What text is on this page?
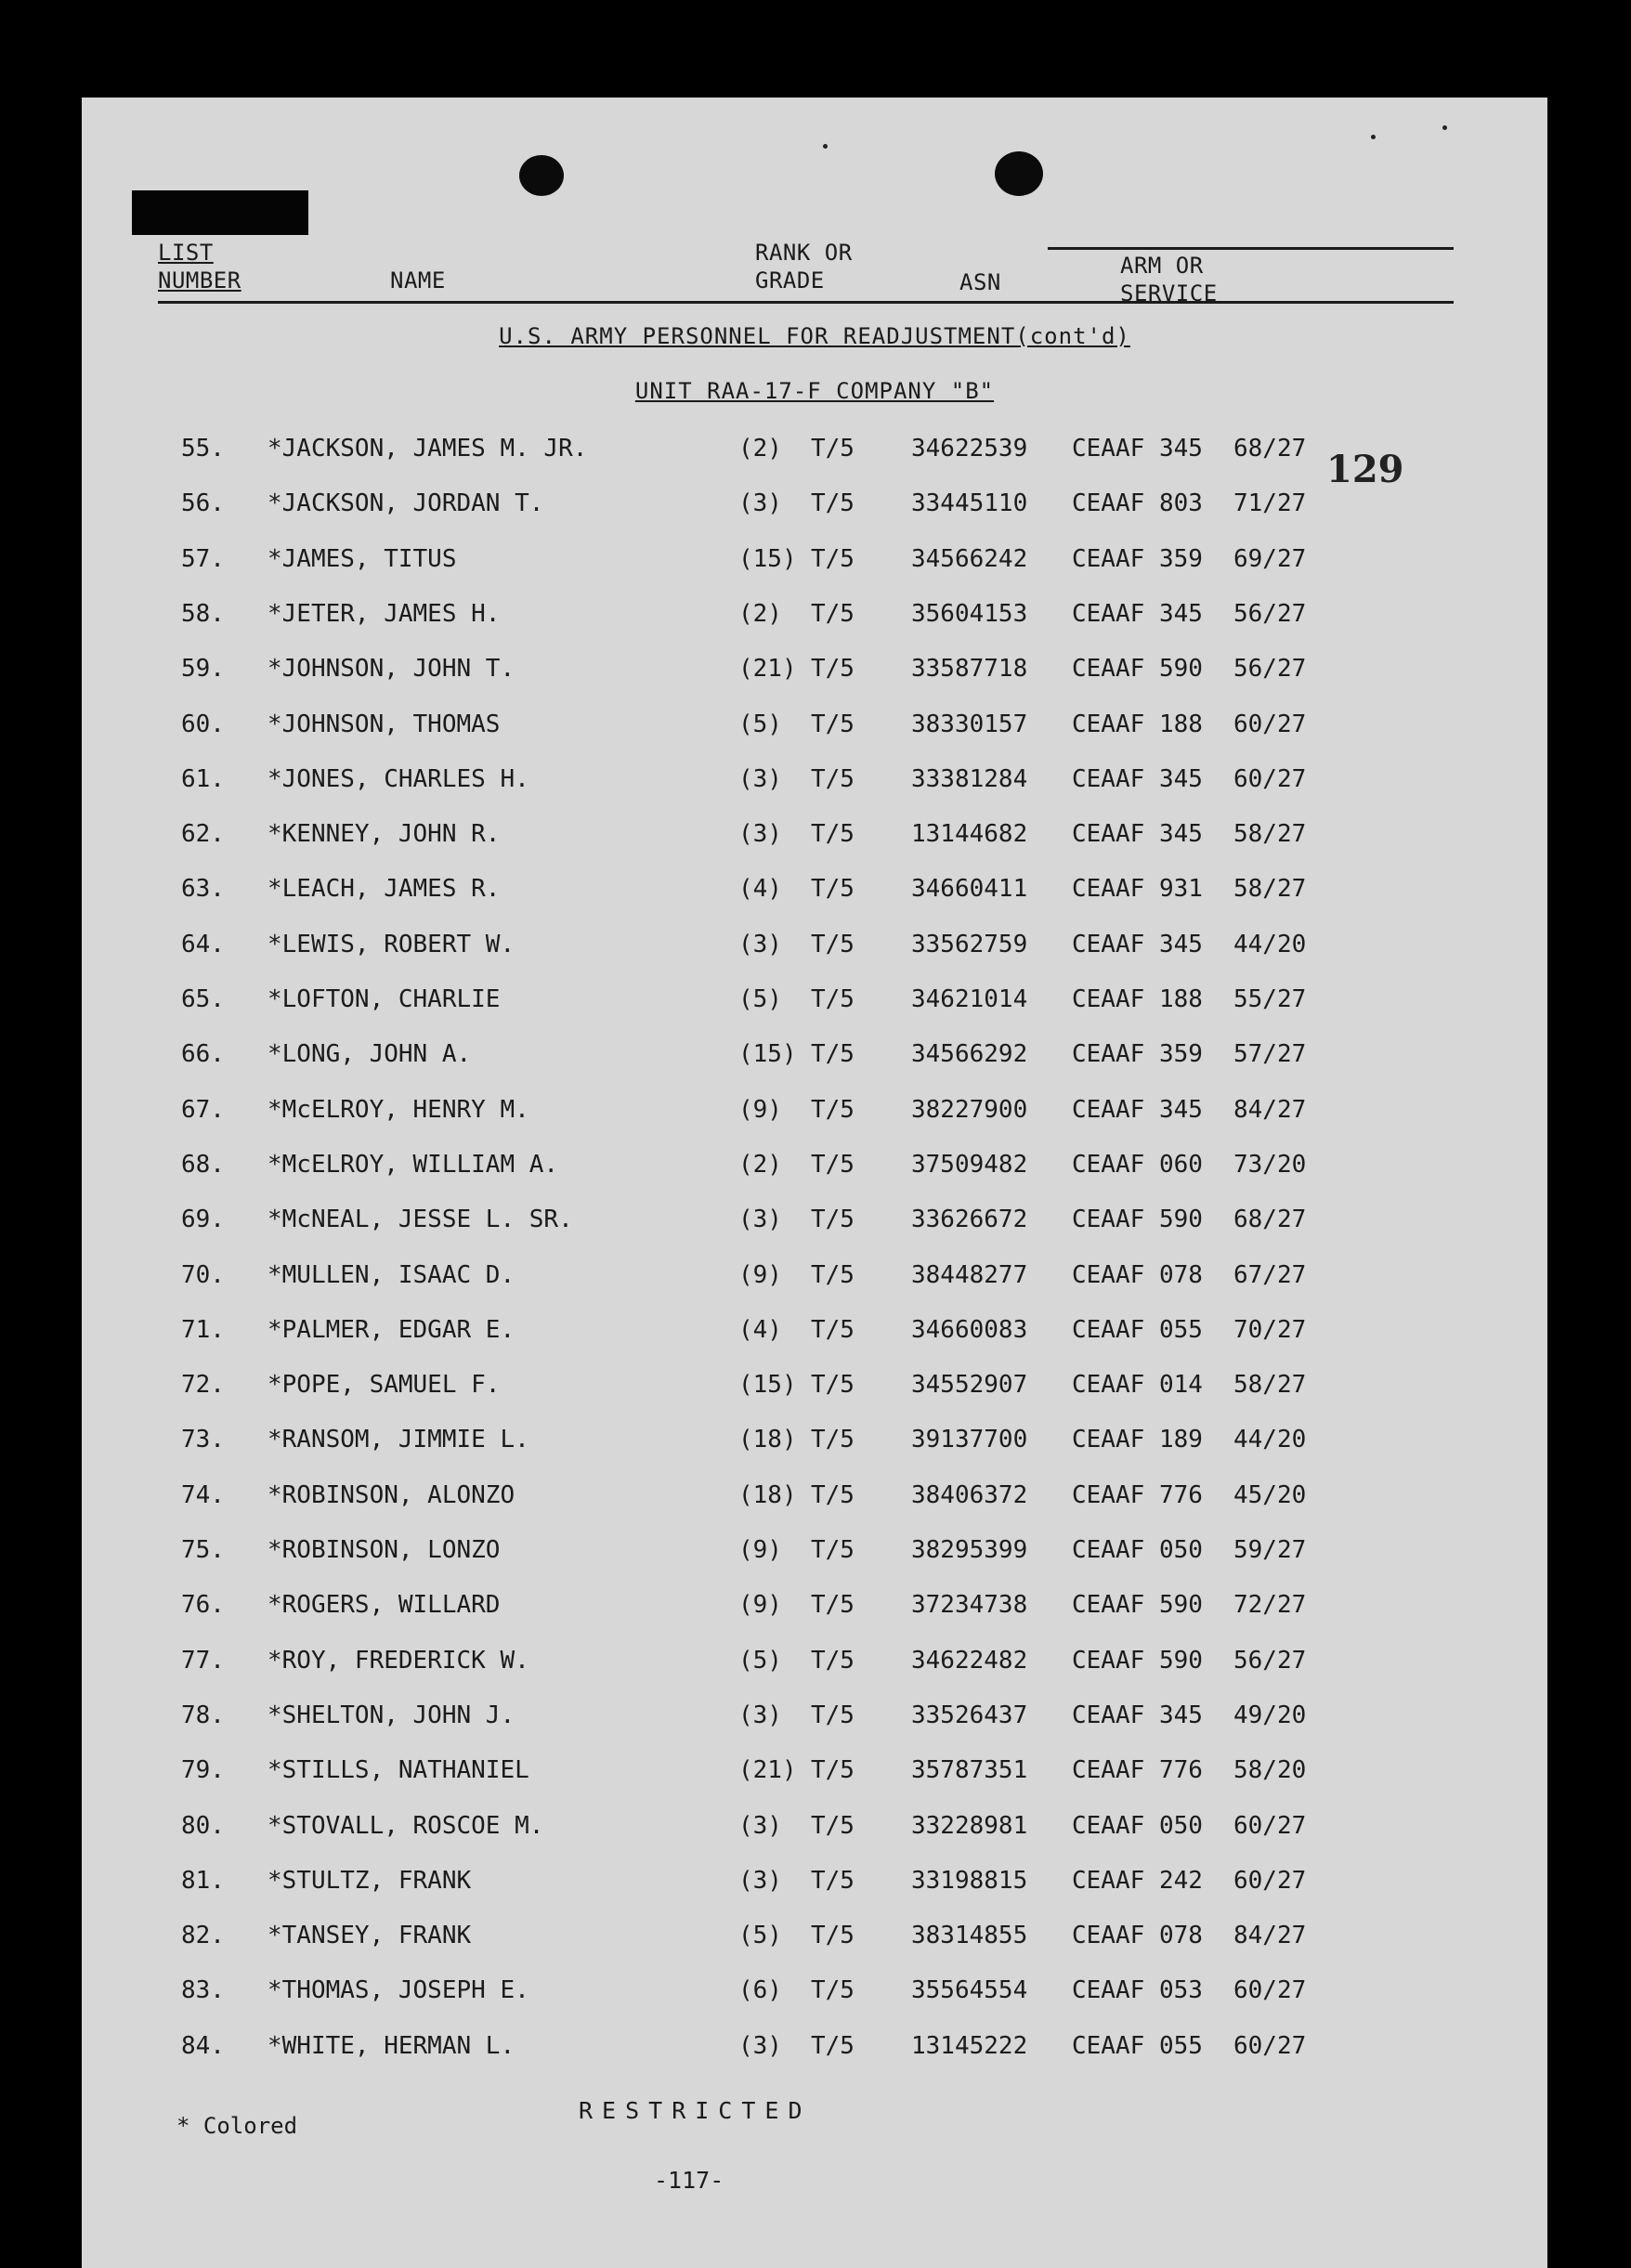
LIST
NUMBER	NAME
RANK OR
GRADE	ASN
ARM OR
SERVICE
U.S. ARMY PERSONNEL FOR READJUSTMENT(cont'd)
UNIT RAA-17-F COMPANY "B"
129
55. *JACKSON, JAMES M. JR.	(2) T/5 34622539 CEAAF 345 68/27
56. *JACKSON, JORDAN T.	(3) T/5 33445110 CEAAF 803 71/27
57. *JAMES, TITUS	(15) T/5 34566242 CEAAF 359 69/27
58. *JETER, JAMES H.	(2) T/5 35604153 CEAAF 345 56/27
59. *JOHNSON, JOHN T.	(21) T/5 33587718 CEAAF 590 56/27
60. *JOHNSON, THOMAS	(5) T/5 38330157 CEAAF 188 60/27
61. *JONES, CHARLES H.	(3) T/5 33381284 CEAAF 345 60/27
62. *KENNEY, JOHN R.	(3) T/5 13144682 CEAAF 345 58/27
63. *LEACH, JAMES R.	(4) T/5 34660411 CEAAF 931 58/27
64. *LEWIS, ROBERT W.	(3) T/5 33562759 CEAAF 345 44/20
65. *LOFTON, CHARLIE	(5) T/5 34621014 CEAAF 188 55/27
66. *LONG, JOHN A.	(15) T/5 34566292 CEAAF 359 57/27
67. *McELROY, HENRY M.	(9) T/5 38227900 CEAAF 345 84/27
68. *McELROY, WILLIAM A.	(2) T/5 37509482 CEAAF 060 73/20
69. *McNEAL, JESSE L. SR.	(3) T/5 33626672 CEAAF 590 68/27
70. *MULLEN, ISAAC D.	(9) T/5 38448277 CEAAF 078 67/27
71. *PALMER, EDGAR E.	(4) T/5 34660083 CEAAF 055 70/27
72. *POPE, SAMUEL F.	(15) T/5 34552907 CEAAF 014 58/27
73. *RANSOM, JIMMIE L.	(18) T/5 39137700 CEAAF 189 44/20
74. *ROBINSON, ALONZO	(18) T/5 38406372 CEAAF 776 45/20
75. *ROBINSON, LONZO	(9) T/5 38295399 CEAAF 050 59/27
76. *ROGERS, WILLARD	(9) T/5 37234738 CEAAF 590 72/27
77. *ROY, FREDERICK W.	(5) T/5 34622482 CEAAF 590 56/27
78. *SHELTON, JOHN J.	(3) T/5 33526437 CEAAF 345 49/20
79. *STILLS, NATHANIEL	(21) T/5 35787351 CEAAF 776 58/20
80. *STOVALL, ROSCOE M.	(3) T/5 33228981 CEAAF 050 60/27
81. *STULTZ, FRANK	(3) T/5 33198815 CEAAF 242 60/27
82. *TANSEY, FRANK	(5) T/5 38314855 CEAAF 078 84/27
83. *THOMAS, JOSEPH E.	(6) T/5 35564554 CEAAF 053 60/27
84. *WHITE, HERMAN L.	(3) T/5 13145222 CEAAF 055 60/27
RESTRICTED
* Colored
-117-
